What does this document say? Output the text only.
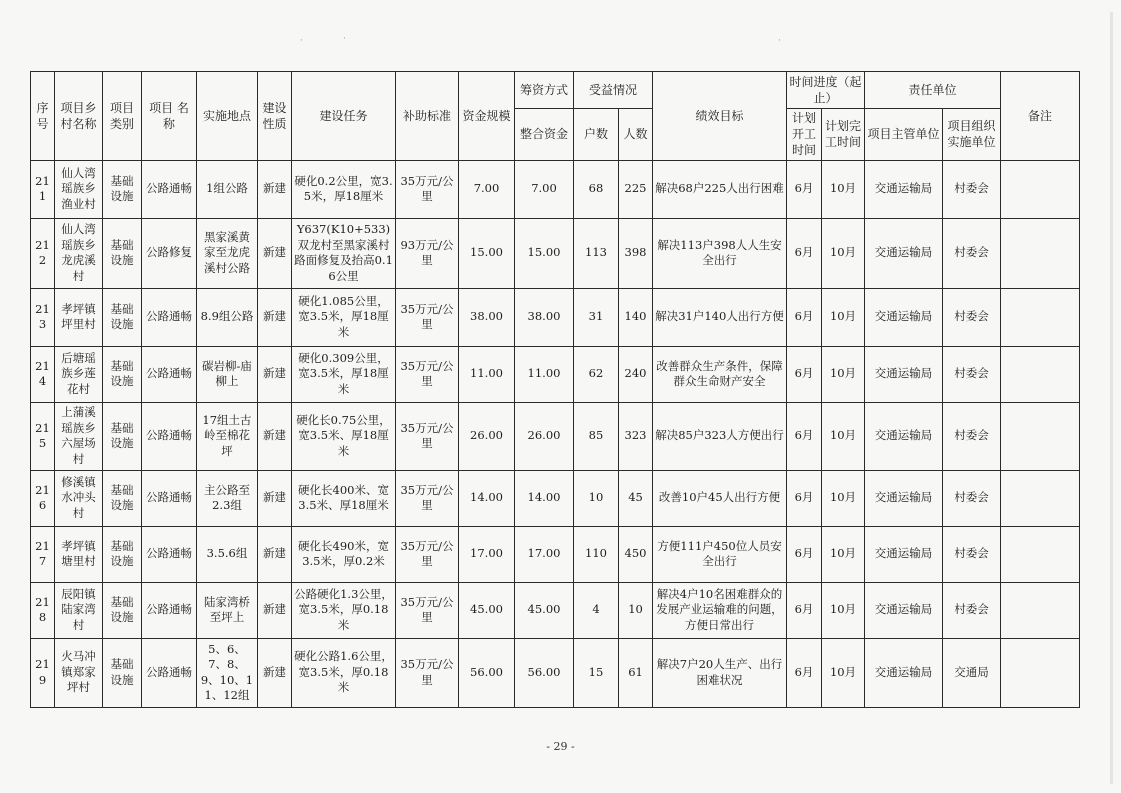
·	·	·
序号	项目乡村名称	项目类别	项目 名称	实施地点	建设性质	建设任务	补助标准	资金规模	筹资方式	受益情况		绩效目标	时间进度（起止）		责任单位		备注
									整合资金	户数	人数		计划开工时间	计划完工时间	项目主管单位	项目组织实施单位	
211	仙人湾瑶族乡渔业村	基础设施	公路通畅	1组公路	新建	硬化0.2公里，宽3.5米，厚18厘米	35万元/公里	7.00	7.00	68	225	解决68户225人出行困难	6月	10月	交通运输局	村委会	
212	仙人湾瑶族乡龙虎溪村	基础设施	公路修复	黑家溪黄家至龙虎溪村公路	新建	Y637(K10+533)双龙村至黑家溪村路面修复及抬高0.16公里	93万元/公里	15.00	15.00	113	398	解决113户398人人生安全出行	6月	10月	交通运输局	村委会	
213	孝坪镇坪里村	基础设施	公路通畅	8.9组公路	新建	硬化1.085公里，宽3.5米，厚18厘米	35万元/公里	38.00	38.00	31	140	解决31户140人出行方便	6月	10月	交通运输局	村委会	
214	后塘瑶族乡莲花村	基础设施	公路通畅	碳岩柳-庙柳上	新建	硬化0.309公里，宽3.5米，厚18厘米	35万元/公里	11.00	11.00	62	240	改善群众生产条件，保障群众生命财产安全	6月	10月	交通运输局	村委会	
215	上蒲溪瑶族乡六屋场村	基础设施	公路通畅	17组土古岭至棉花坪	新建	硬化长0.75公里，宽3.5米、厚18厘米	35万元/公里	26.00	26.00	85	323	解决85户323人方便出行	6月	10月	交通运输局	村委会	
216	修溪镇水冲头村	基础设施	公路通畅	主公路至2.3组	新建	硬化长400米、宽3.5米、厚18厘米	35万元/公里	14.00	14.00	10	45	改善10户45人出行方便	6月	10月	交通运输局	村委会	
217	孝坪镇塘里村	基础设施	公路通畅	3.5.6组	新建	硬化长490米，宽3.5米，厚0.2米	35万元/公里	17.00	17.00	110	450	方便111户450位人员安全出行	6月	10月	交通运输局	村委会	
218	辰阳镇陆家湾村	基础设施	公路通畅	陆家湾桥至坪上	新建	公路硬化1.3公里，宽3.5米，厚0.18米	35万元/公里	45.00	45.00	4	10	解决4户10名困难群众的发展产业运输难的问题，方便日常出行	6月	10月	交通运输局	村委会	
219	火马冲镇郑家坪村	基础设施	公路通畅	5、6、7、8、9、10、11、12组	新建	硬化公路1.6公里，宽3.5米，厚0.18米	35万元/公里	56.00	56.00	15	61	解决7户20人生产、出行困难状况	6月	10月	交通运输局	交通局	
- 29 -
